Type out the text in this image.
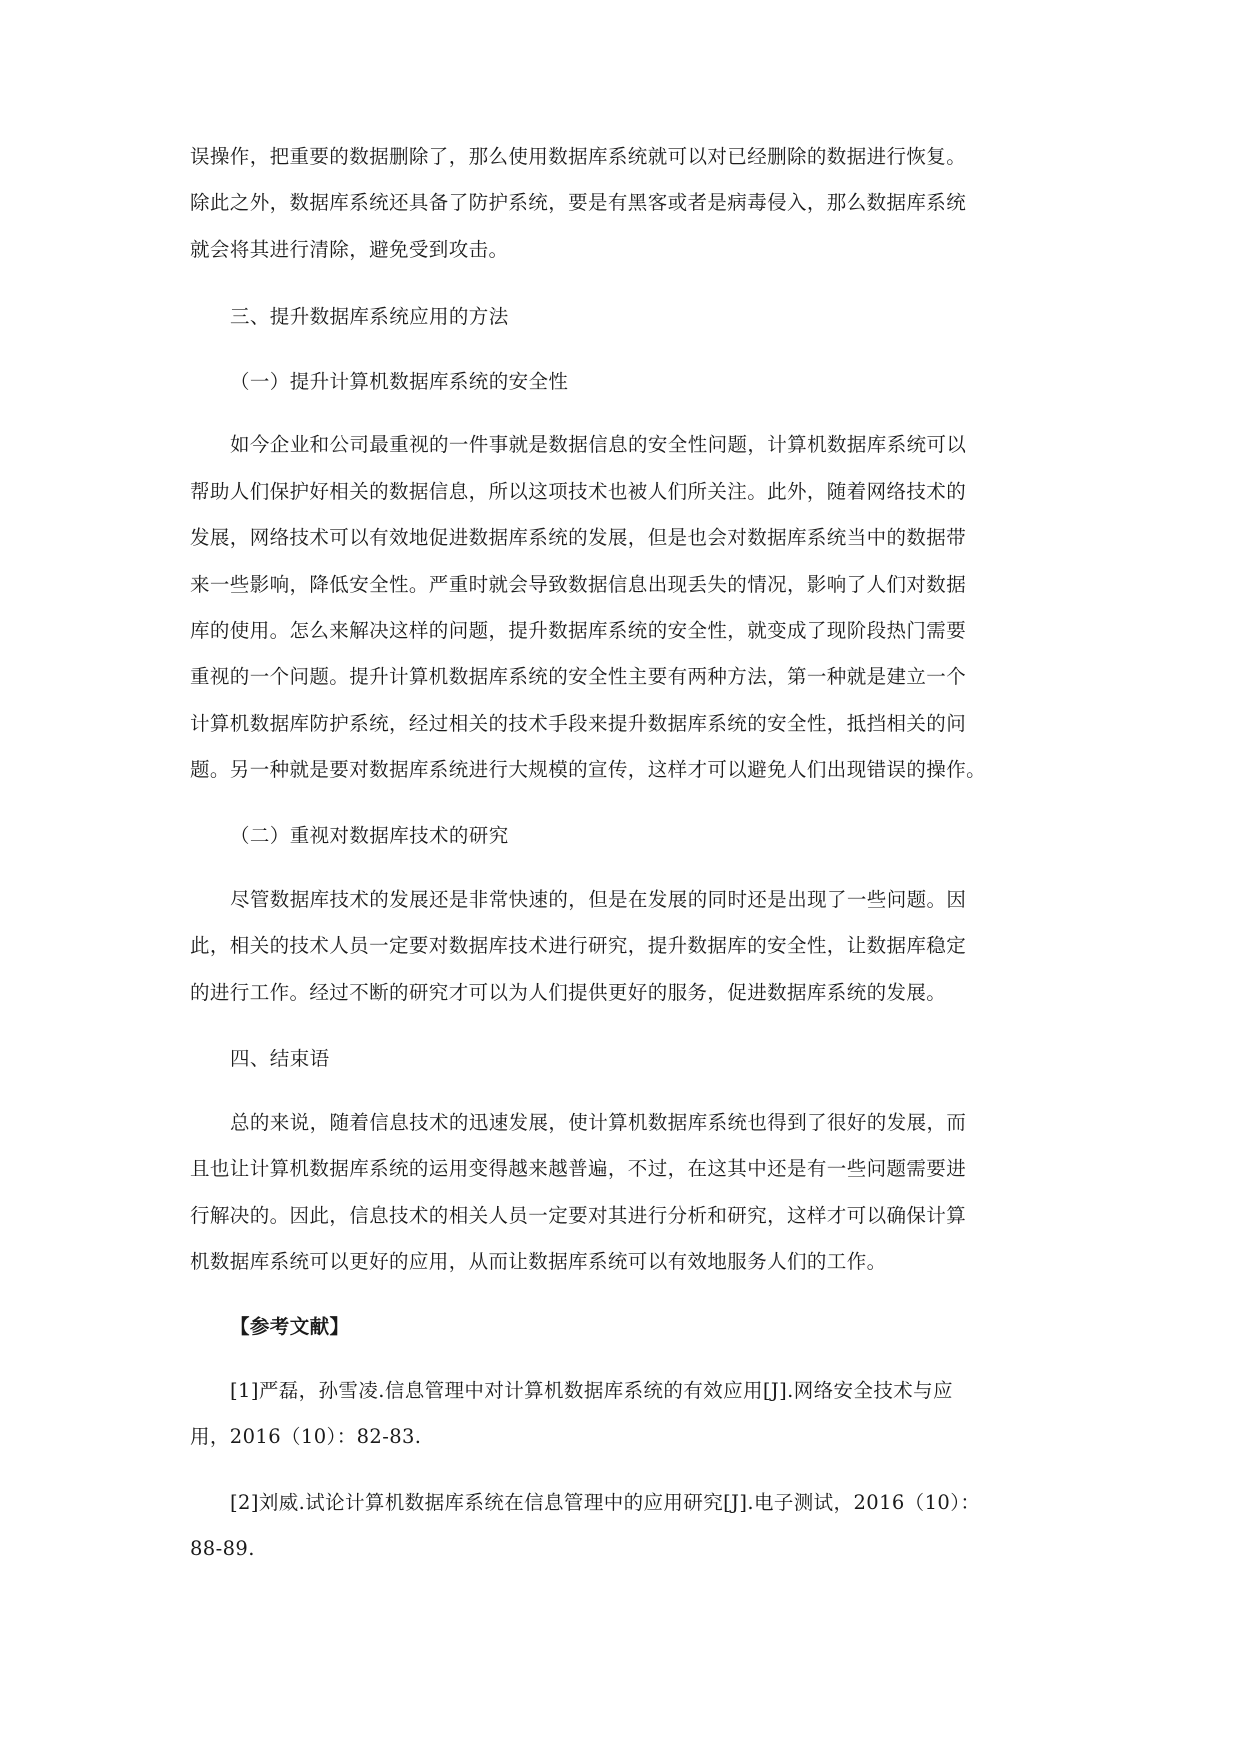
误操作，把重要的数据删除了，那么使用数据库系统就可以对已经删除的数据进行恢复。
除此之外，数据库系统还具备了防护系统，要是有黑客或者是病毒侵入，那么数据库系统
就会将其进行清除，避免受到攻击。
三、提升数据库系统应用的方法
（一）提升计算机数据库系统的安全性
如今企业和公司最重视的一件事就是数据信息的安全性问题，计算机数据库系统可以
帮助人们保护好相关的数据信息，所以这项技术也被人们所关注。此外，随着网络技术的
发展，网络技术可以有效地促进数据库系统的发展，但是也会对数据库系统当中的数据带
来一些影响，降低安全性。严重时就会导致数据信息出现丢失的情况，影响了人们对数据
库的使用。怎么来解决这样的问题，提升数据库系统的安全性，就变成了现阶段热门需要
重视的一个问题。提升计算机数据库系统的安全性主要有两种方法，第一种就是建立一个
计算机数据库防护系统，经过相关的技术手段来提升数据库系统的安全性，抵挡相关的问
题。另一种就是要对数据库系统进行大规模的宣传，这样才可以避免人们出现错误的操作。
（二）重视对数据库技术的研究
尽管数据库技术的发展还是非常快速的，但是在发展的同时还是出现了一些问题。因
此，相关的技术人员一定要对数据库技术进行研究，提升数据库的安全性，让数据库稳定
的进行工作。经过不断的研究才可以为人们提供更好的服务，促进数据库系统的发展。
四、结束语
总的来说，随着信息技术的迅速发展，使计算机数据库系统也得到了很好的发展，而
且也让计算机数据库系统的运用变得越来越普遍，不过，在这其中还是有一些问题需要进
行解决的。因此，信息技术的相关人员一定要对其进行分析和研究，这样才可以确保计算
机数据库系统可以更好的应用，从而让数据库系统可以有效地服务人们的工作。
【参考文献】
[1]严磊，孙雪凌.信息管理中对计算机数据库系统的有效应用[J].网络安全技术与应
用，2016（10）：82-83.
[2]刘威.试论计算机数据库系统在信息管理中的应用研究[J].电子测试，2016（10）：
88-89.
